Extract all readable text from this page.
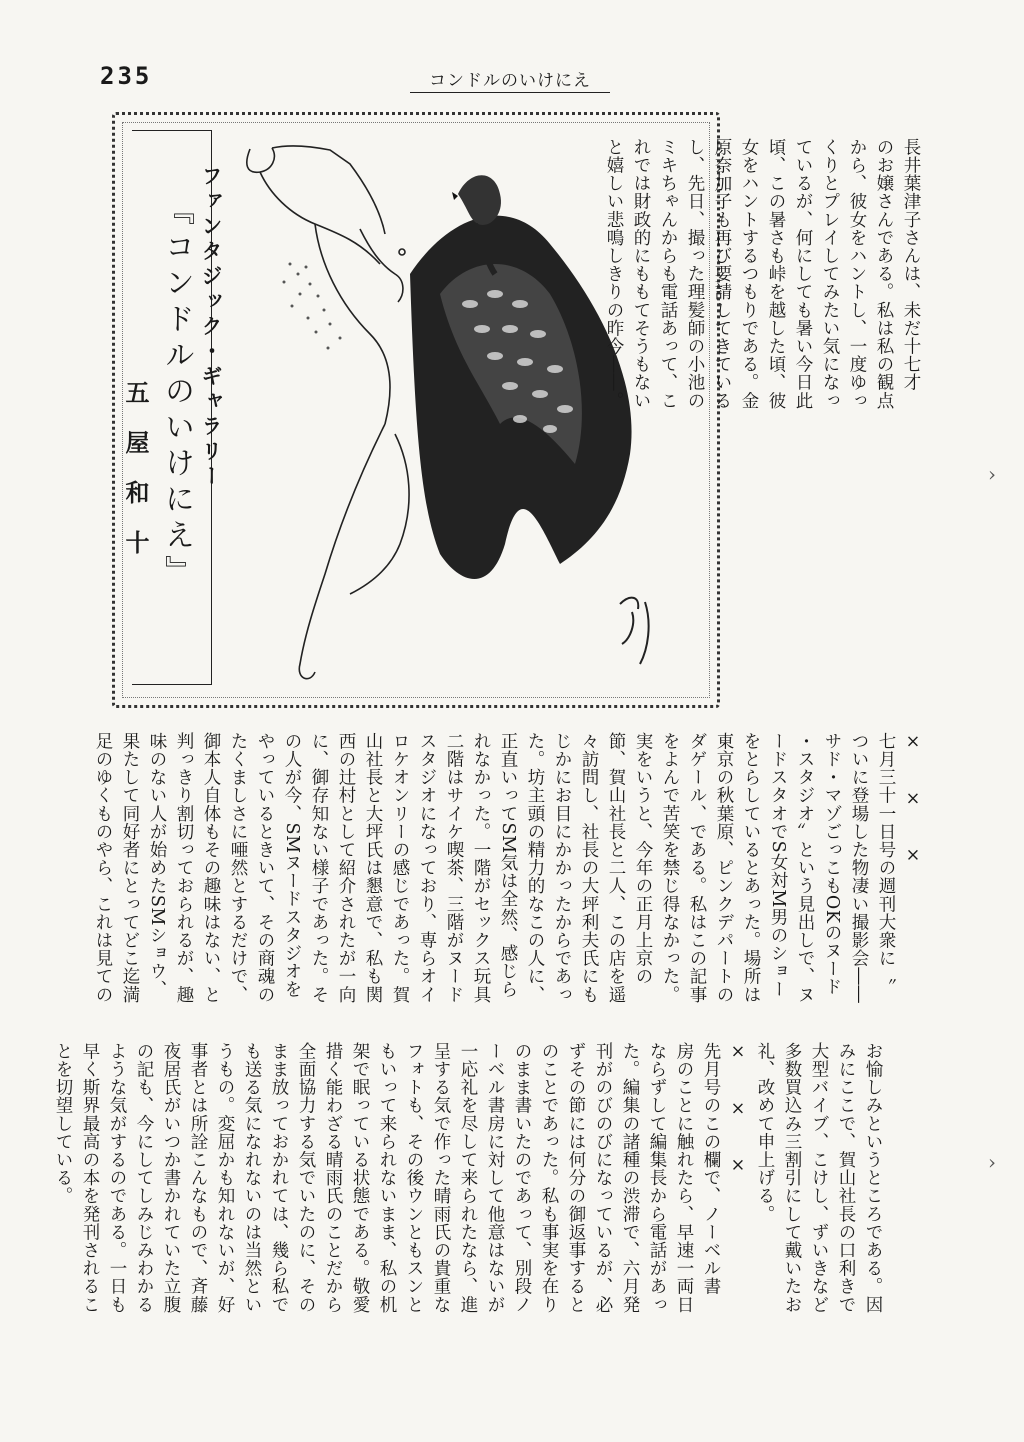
235	コンドルのいけにえ
ファンタジック・ギャラリー
『コンドルのいけにえ』
五屋和十
長井葉津子さんは、未だ十七才
のお嬢さんである。私は私の観点
から、彼女をハントし、一度ゆっ
くりとプレイしてみたい気になっ
ているが、何にしても暑い今日此
頃、この暑さも峠を越した頃、彼
女をハントするつもりである。金
原奈加子も再び要請してきている
し、先日、撮った理髪師の小池の
ミキちゃんからも電話あって、こ
れでは財政的にももてそうもない
と嬉しい悲鳴しきりの昨今――。
×　　×　　×
七月三十一日号の週刊大衆に〝
ついに登場した物凄い撮影会――
サド・マゾごっこもOKのヌード
・スタジオ〟という見出しで、ヌ
ードスタオでS女対M男のショー
をとらしているとあった。場所は
東京の秋葉原、ピンクデパートの
ダゲール、である。私はこの記事
をよんで苦笑を禁じ得なかった。
実をいうと、今年の正月上京の
節、賀山社長と二人、この店を遥
々訪問し、社長の大坪利夫氏にも
じかにお目にかかったからであっ
た。坊主頭の精力的なこの人に、
正直いってSM気は全然、感じら
れなかった。一階がセックス玩具
二階はサイケ喫茶、三階がヌード
スタジオになっており、専らオイ
ロケオンリーの感じであった。賀
山社長と大坪氏は懇意で、私も関
西の辻村として紹介されたが一向
に、御存知ない様子であった。そ
の人が今、SMヌードスタジオを
やっているときいて、その商魂の
たくましさに唖然とするだけで、
御本人自体もその趣味はない、と
判っきり割切っておられるが、趣
味のない人が始めたSMショウ、
果たして同好者にとってどこ迄満
足のゆくものやら、これは見ての
お愉しみというところである。因
みにここで、賀山社長の口利きで
大型バイブ、こけし、ずいきなど
多数買込み三割引にして戴いたお
礼、改めて申上げる。
×　　×　　×
先月号のこの欄で、ノーベル書
房のことに触れたら、早速一両日
ならずして編集長から電話があっ
た。編集の諸種の渋滞で、六月発
刊がのびのびになっているが、必
ずその節には何分の御返事すると
のことであった。私も事実を在り
のまま書いたのであって、別段ノ
ーベル書房に対して他意はないが
一応礼を尽して来られたなら、進
呈する気で作った晴雨氏の貴重な
フォトも、その後ウンともスンと
もいって来られないまま、私の机
架で眠っている状態である。敬愛
措く能わざる晴雨氏のことだから
全面協力する気でいたのに、その
まま放っておかれては、幾ら私で
も送る気になれないのは当然とい
うもの。変屈かも知れないが、好
事者とは所詮こんなもので、斉藤
夜居氏がいつか書かれていた立腹
の記も、今にしてしみじみわかる
ような気がするのである。一日も
早く斯界最高の本を発刊されるこ
とを切望している。
›
›
